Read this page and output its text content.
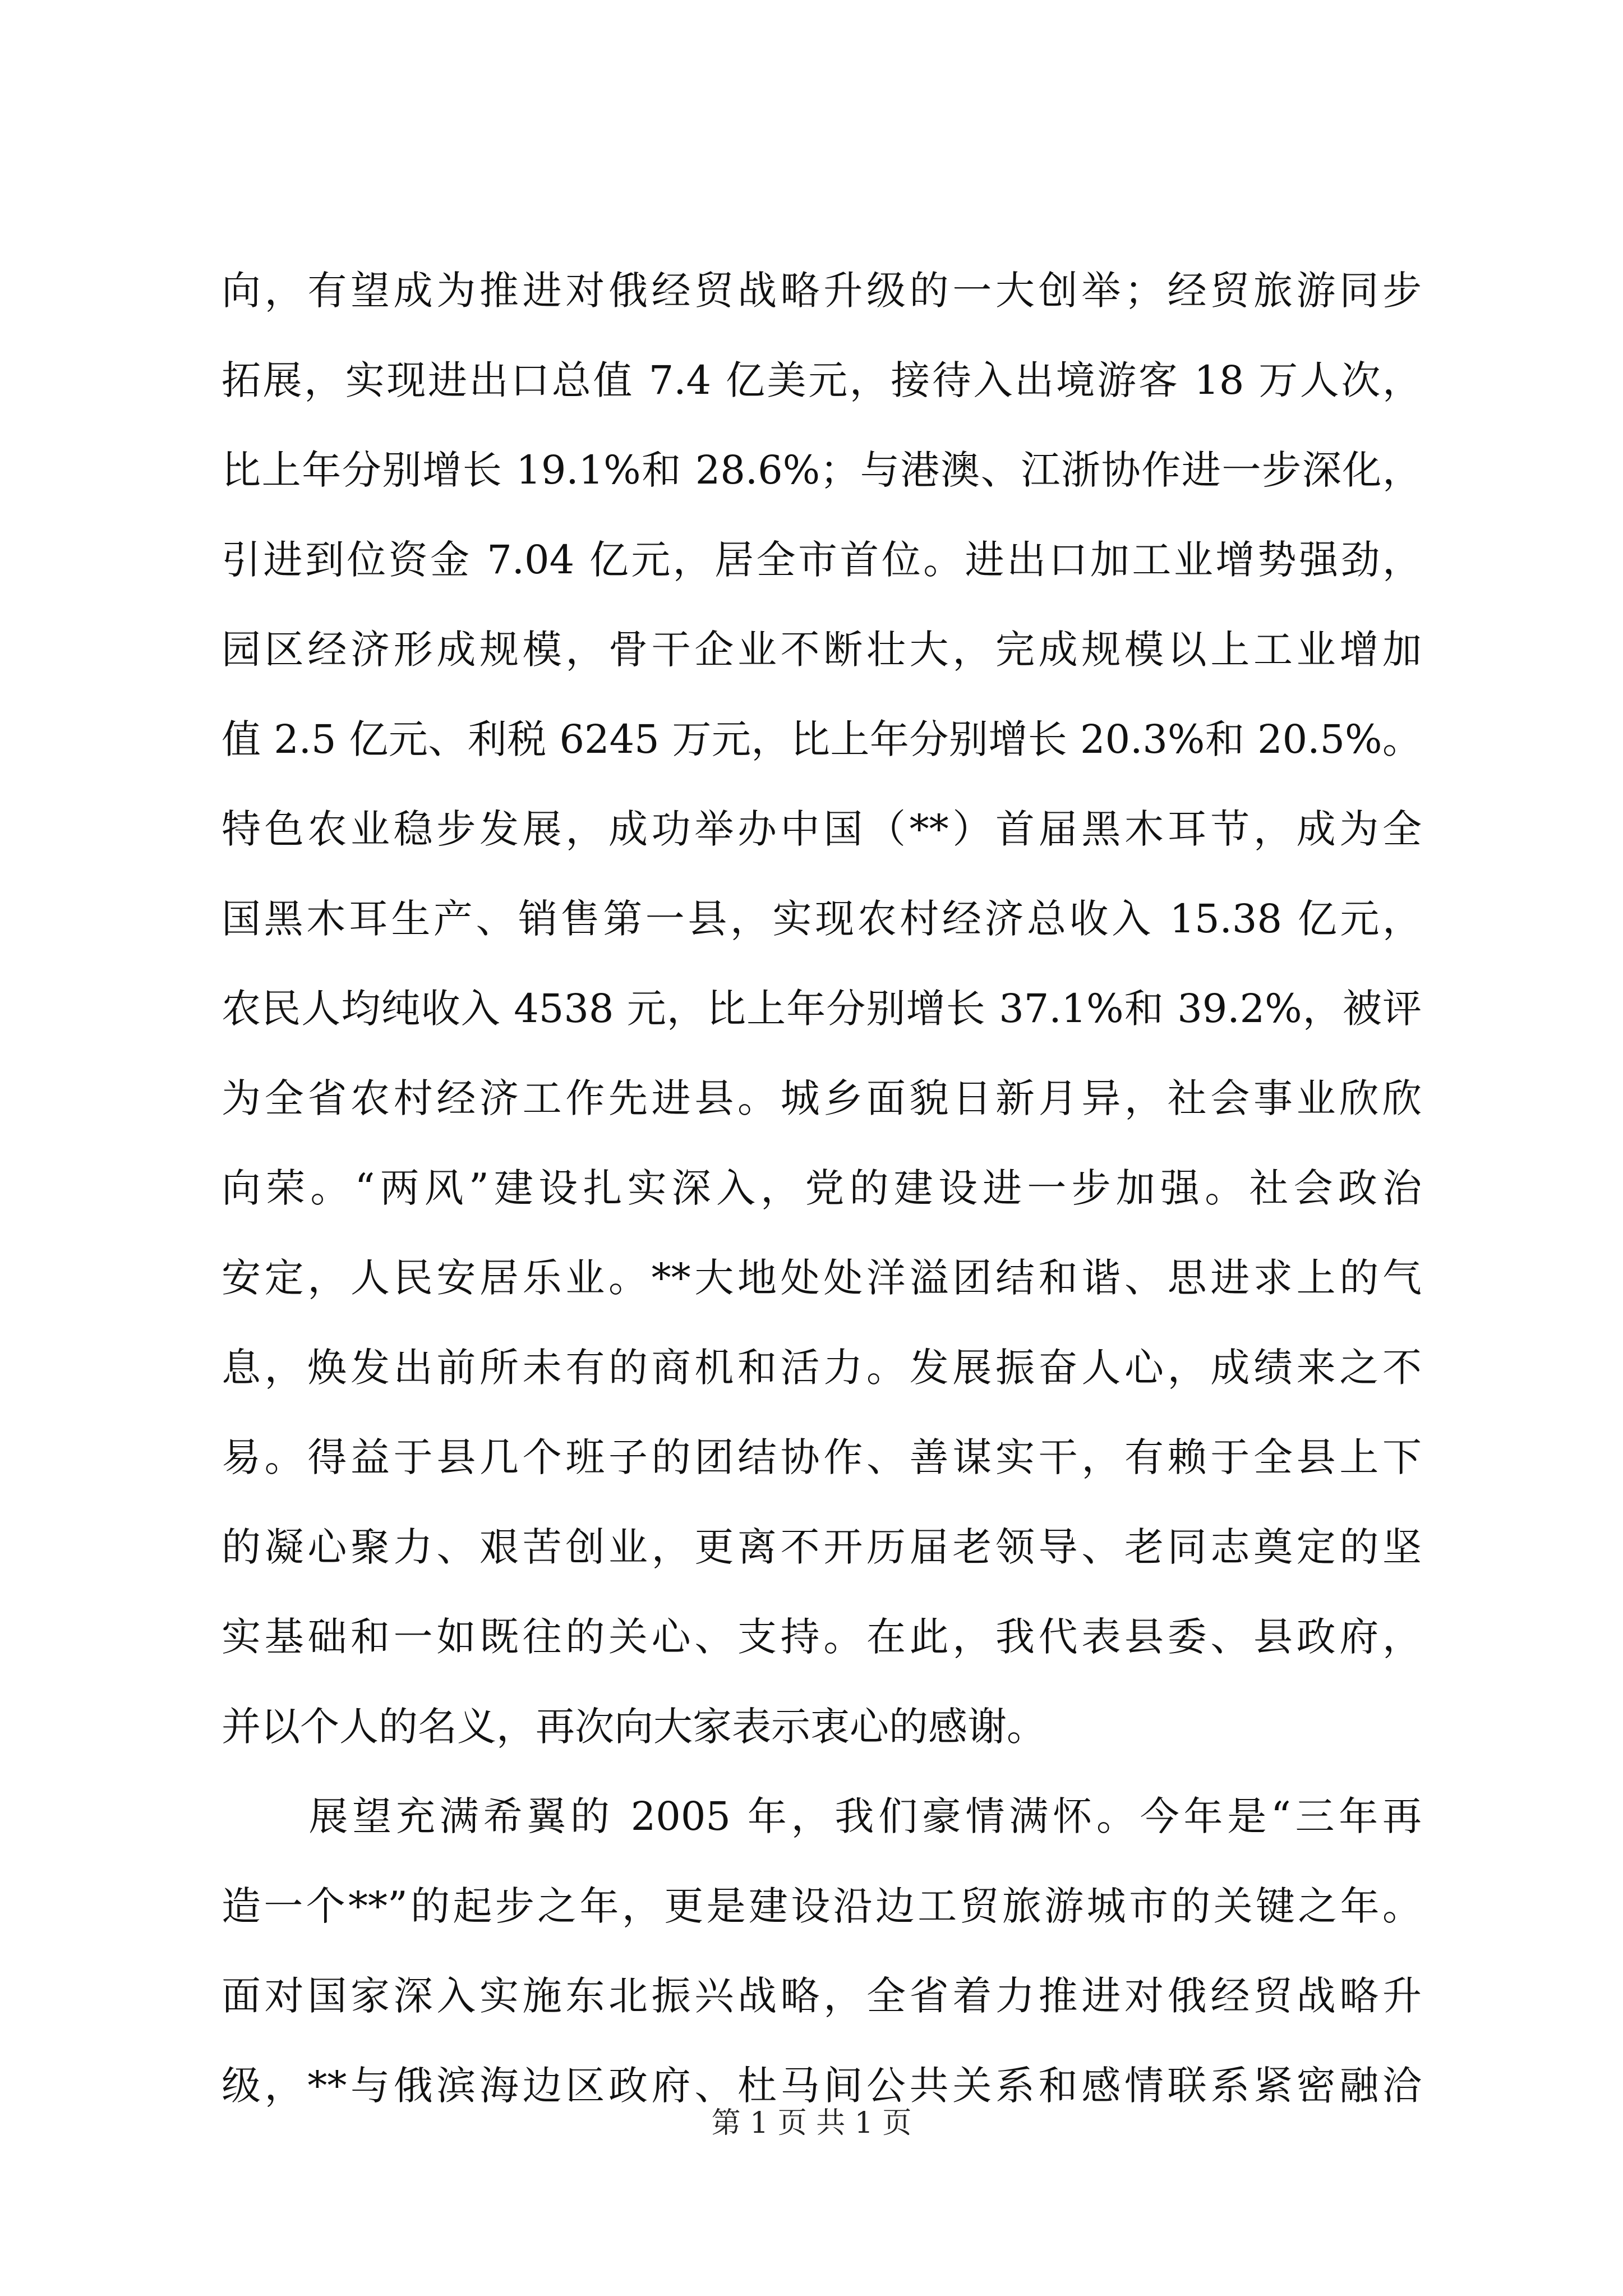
向，有望成为推进对俄经贸战略升级的一大创举；经贸旅游同步
拓展，实现进出口总值 7.4 亿美元，接待入出境游客 18 万人次，
比上年分别增长 19.1%和 28.6%；与港澳、江浙协作进一步深化，
引进到位资金 7.04 亿元，居全市首位。进出口加工业增势强劲，
园区经济形成规模，骨干企业不断壮大，完成规模以上工业增加
值 2.5 亿元、利税 6245 万元，比上年分别增长 20.3%和 20.5%。
特色农业稳步发展，成功举办中国（**）首届黑木耳节，成为全
国黑木耳生产、销售第一县，实现农村经济总收入 15.38 亿元，
农民人均纯收入 4538 元，比上年分别增长 37.1%和 39.2%，被评
为全省农村经济工作先进县。城乡面貌日新月异，社会事业欣欣
向荣。“两风”建设扎实深入，党的建设进一步加强。社会政治
安定，人民安居乐业。**大地处处洋溢团结和谐、思进求上的气
息，焕发出前所未有的商机和活力。发展振奋人心，成绩来之不
易。得益于县几个班子的团结协作、善谋实干，有赖于全县上下
的凝心聚力、艰苦创业，更离不开历届老领导、老同志奠定的坚
实基础和一如既往的关心、支持。在此，我代表县委、县政府，
并以个人的名义，再次向大家表示衷心的感谢。
　　展望充满希翼的 2005 年，我们豪情满怀。今年是“三年再
造一个**”的起步之年，更是建设沿边工贸旅游城市的关键之年。
面对国家深入实施东北振兴战略，全省着力推进对俄经贸战略升
级，**与俄滨海边区政府、杜马间公共关系和感情联系紧密融洽
第 1 页 共 1 页
